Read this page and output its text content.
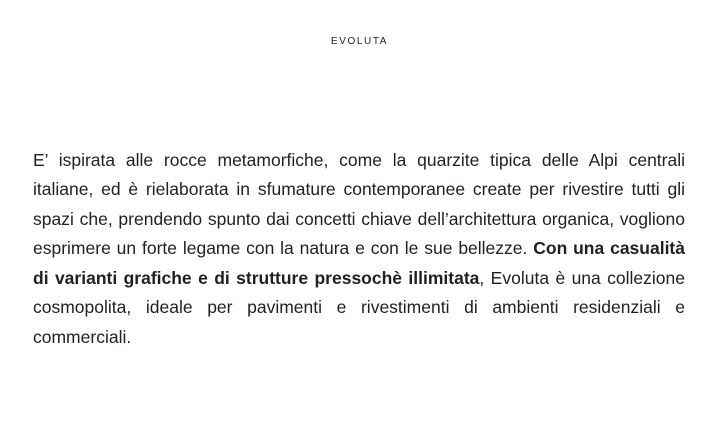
EVOLUTA

E’ ispirata alle rocce metamorfiche, come la quarzite tipica delle Alpi centrali italiane, ed è rielaborata in sfumature contemporanee create per rivestire tutti gli spazi che, prendendo spunto dai concetti chiave dell’architettura organica, vogliono esprimere un forte legame con la natura e con le sue bellezze. Con una casualità di varianti grafiche e di strutture pressochè illimitata, Evoluta è una collezione cosmopolita, ideale per pavimenti e rivestimenti di ambienti residenziali e commerciali.
